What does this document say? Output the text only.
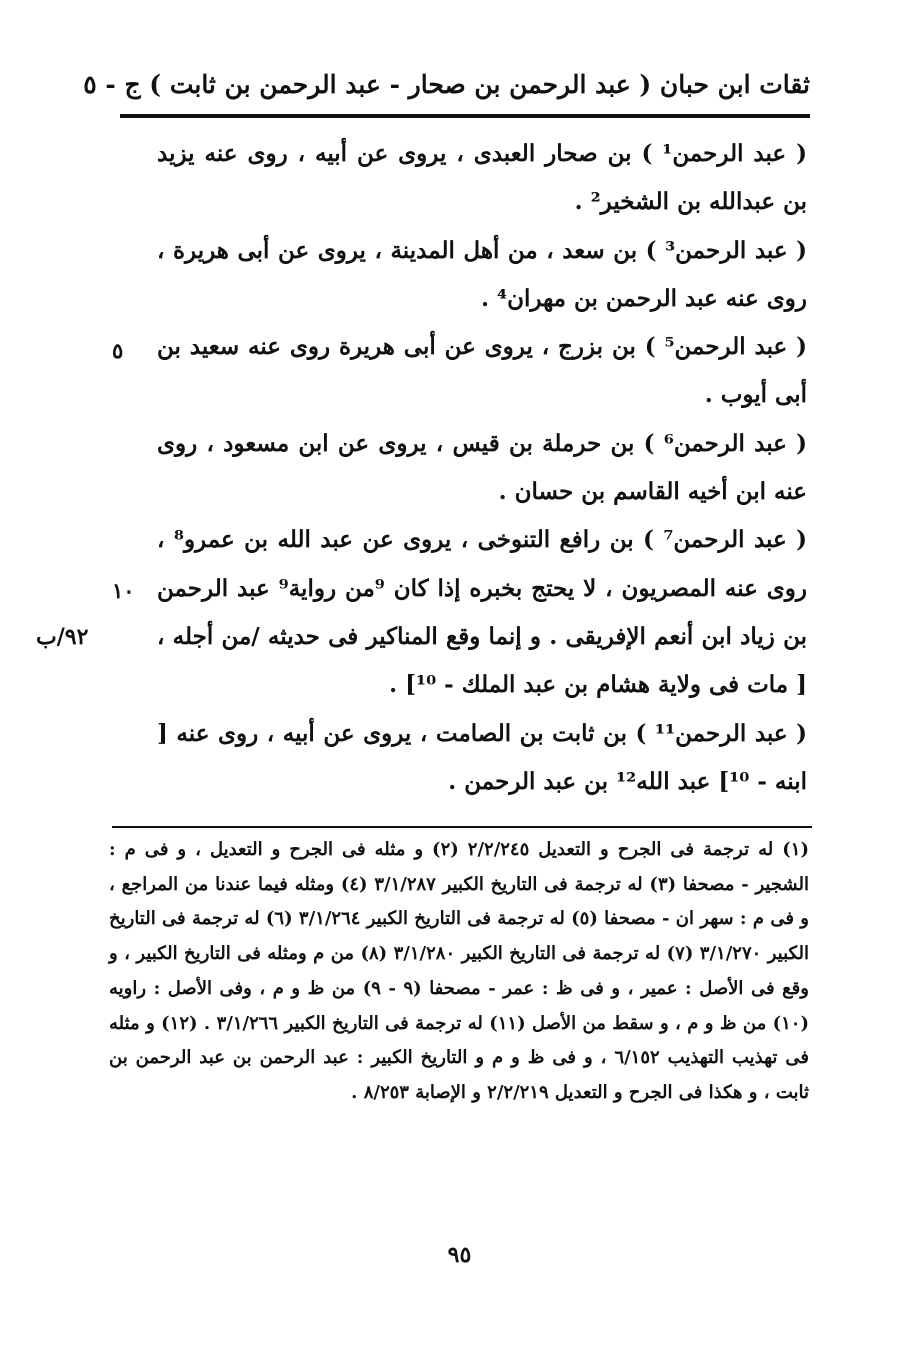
ثقات ابن حبان ( عبد الرحمن بن صحار - عبد الرحمن بن ثابت ) ج - ٥

( عبد الرحمن¹ ) بن صحار العبدى ، يروى عن أبيه ، روى عنه يزيد بن عبدالله بن الشخير² .

( عبد الرحمن³ ) بن سعد ، من أهل المدينة ، يروى عن أبى هريرة ، روى عنه عبد الرحمن بن مهران⁴ .

( عبد الرحمن⁵ ) بن بزرج ، يروى عن أبى هريرة روى عنه سعيد بن أبى أيوب .

( عبد الرحمن⁶ ) بن حرملة بن قيس ، يروى عن ابن مسعود ، روى عنه ابن أخيه القاسم بن حسان .

( عبد الرحمن⁷ ) بن رافع التنوخى ، يروى عن عبد الله بن عمرو⁸ ، روى عنه المصريون ، لا يحتج بخبره إذا كان ⁹من رواية⁹ عبد الرحمن بن زياد ابن أنعم الإفريقى . و إنما وقع المناكير فى حديثه /من أجله ، [ مات فى ولاية هشام بن عبد الملك - ¹⁰] .

( عبد الرحمن¹¹ ) بن ثابت بن الصامت ، يروى عن أبيه ، روى عنه [ ابنه - ¹⁰] عبد الله¹² بن عبد الرحمن .

٥
١٠
٩٢/ب

(١) له ترجمة فى الجرح و التعديل ٢/٢/٢٤٥ (٢) و مثله فى الجرح و التعديل ، و فى م : الشجير - مصحفا (٣) له ترجمة فى التاريخ الكبير ٣/١/٢٨٧ (٤) ومثله فيما عندنا من المراجع ، و فى م : سهر ان - مصحفا (٥) له ترجمة فى التاريخ الكبير ٣/١/٢٦٤ (٦) له ترجمة فى التاريخ الكبير ٣/١/٢٧٠ (٧) له ترجمة فى التاريخ الكبير ٣/١/٢٨٠ (٨) من م ومثله فى التاريخ الكبير ، و وقع فى الأصل : عمير ، و فى ظ : عمر - مصحفا (٩ - ٩) من ظ و م ، وفى الأصل : راويه (١٠) من ظ و م ، و سقط من الأصل (١١) له ترجمة فى التاريخ الكبير ٣/١/٢٦٦ . (١٢) و مثله فى تهذيب التهذيب ٦/١٥٢ ، و فى ظ و م و التاريخ الكبير : عبد الرحمن بن عبد الرحمن بن ثابت ، و هكذا فى الجرح و التعديل ٢/٢/٢١٩ و الإصابة ٨/٢٥٣ .

٩٥
